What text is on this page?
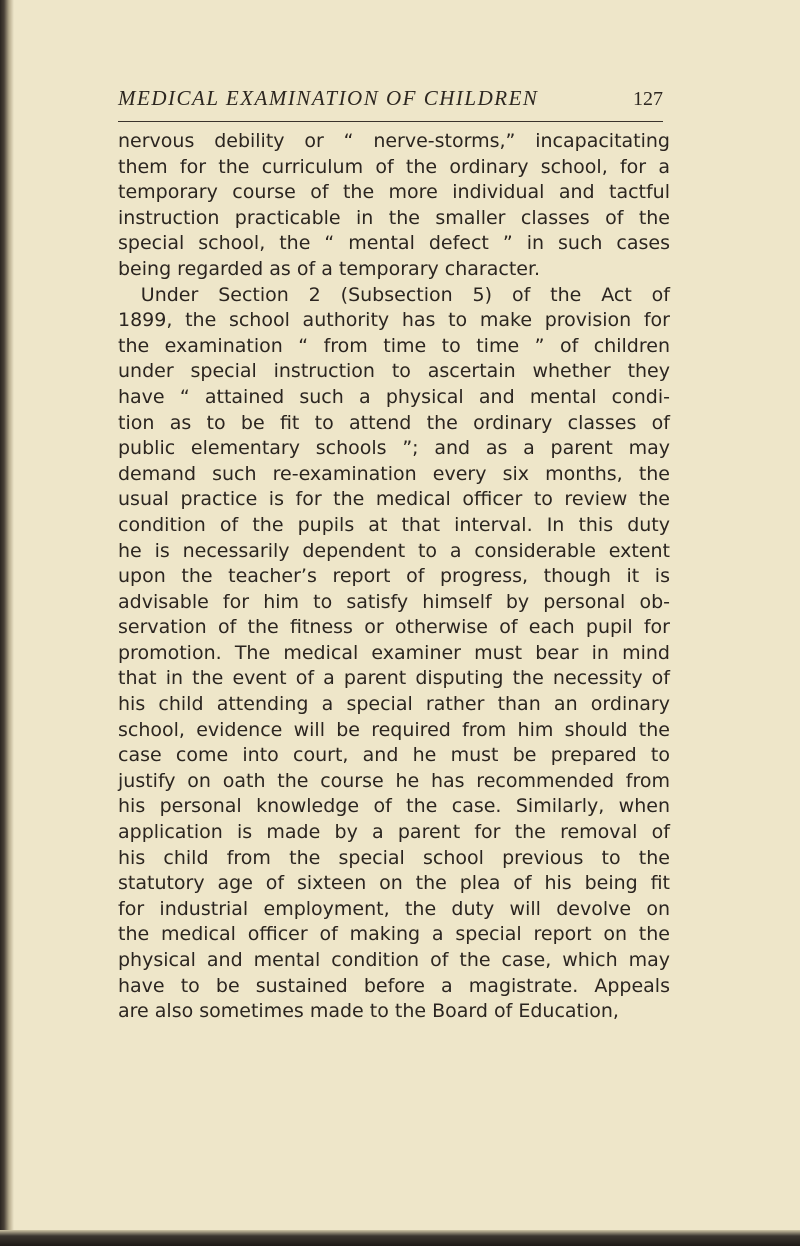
MEDICAL EXAMINATION OF CHILDREN	127
nervous debility or “ nerve-storms,” incapacitating
them for the curriculum of the ordinary school, for a
temporary course of the more individual and tactful
instruction practicable in the smaller classes of the
special school, the “ mental defect ” in such cases
being regarded as of a temporary character.
Under Section 2 (Subsection 5) of the Act of
1899, the school authority has to make provision for
the examination “ from time to time ” of children
under special instruction to ascertain whether they
have “ attained such a physical and mental condi-
tion as to be fit to attend the ordinary classes of
public elementary schools ”; and as a parent may
demand such re-examination every six months, the
usual practice is for the medical officer to review the
condition of the pupils at that interval. In this duty
he is necessarily dependent to a considerable extent
upon the teacher’s report of progress, though it is
advisable for him to satisfy himself by personal ob-
servation of the fitness or otherwise of each pupil for
promotion. The medical examiner must bear in mind
that in the event of a parent disputing the necessity of
his child attending a special rather than an ordinary
school, evidence will be required from him should the
case come into court, and he must be prepared to
justify on oath the course he has recommended from
his personal knowledge of the case. Similarly, when
application is made by a parent for the removal of
his child from the special school previous to the
statutory age of sixteen on the plea of his being fit
for industrial employment, the duty will devolve on
the medical officer of making a special report on the
physical and mental condition of the case, which may
have to be sustained before a magistrate. Appeals
are also sometimes made to the Board of Education,
